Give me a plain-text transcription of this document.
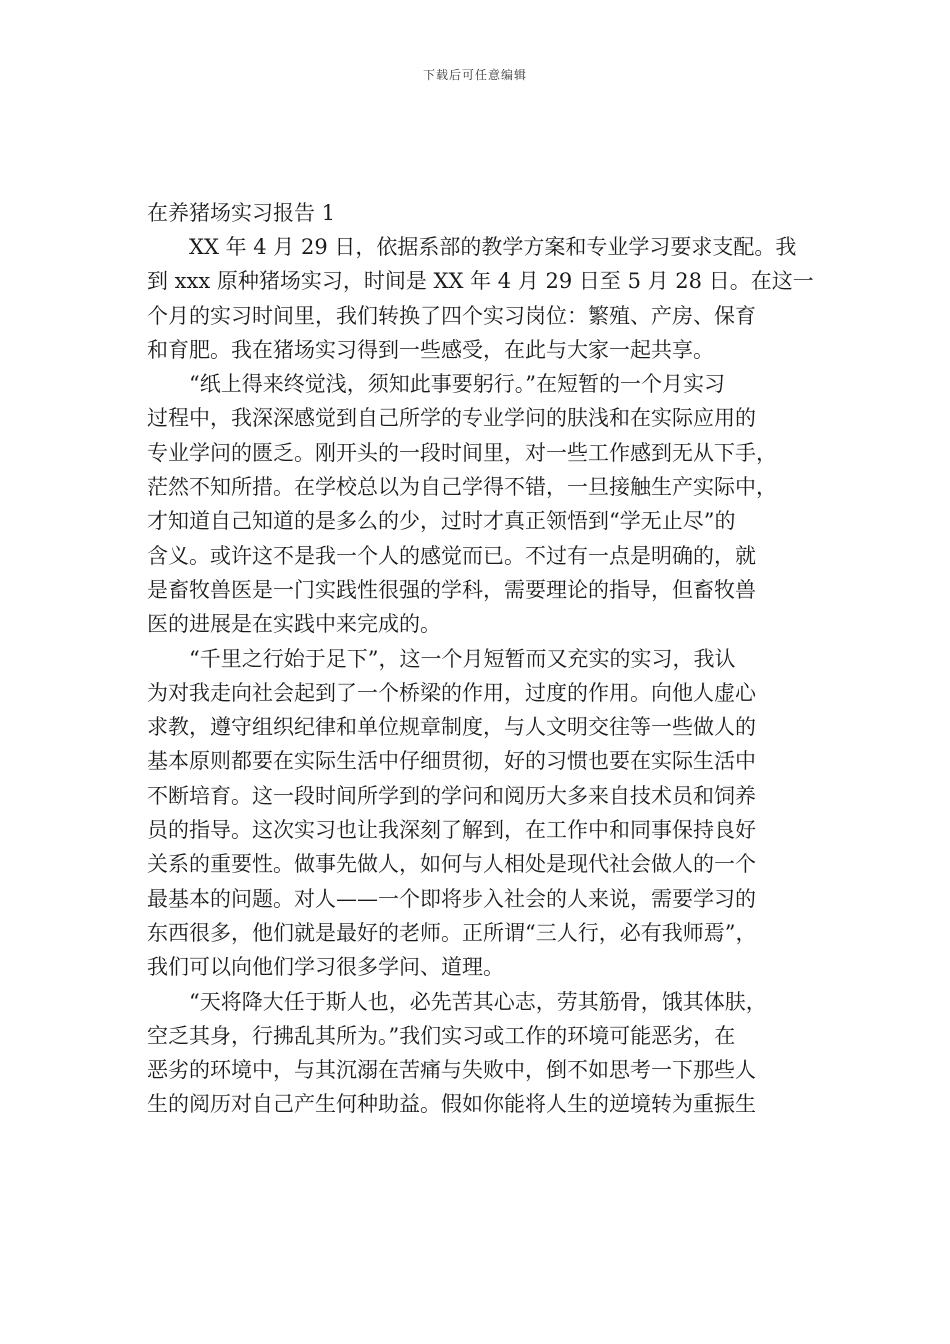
下载后可任意编辑
在养猪场实习报告 1
XX 年 4 月 29 日，依据系部的教学方案和专业学习要求支配。我
到 xxx 原种猪场实习，时间是 XX 年 4 月 29 日至 5 月 28 日。在这一
个月的实习时间里，我们转换了四个实习岗位：繁殖、产房、保育
和育肥。我在猪场实习得到一些感受，在此与大家一起共享。
“纸上得来终觉浅，须知此事要躬行。”在短暂的一个月实习
过程中，我深深感觉到自己所学的专业学问的肤浅和在实际应用的
专业学问的匮乏。刚开头的一段时间里，对一些工作感到无从下手，
茫然不知所措。在学校总以为自己学得不错，一旦接触生产实际中，
才知道自己知道的是多么的少，过时才真正领悟到“学无止尽”的
含义。或许这不是我一个人的感觉而已。不过有一点是明确的，就
是畜牧兽医是一门实践性很强的学科，需要理论的指导，但畜牧兽
医的进展是在实践中来完成的。
“千里之行始于足下”，这一个月短暂而又充实的实习，我认
为对我走向社会起到了一个桥梁的作用，过度的作用。向他人虚心
求教，遵守组织纪律和单位规章制度，与人文明交往等一些做人的
基本原则都要在实际生活中仔细贯彻，好的习惯也要在实际生活中
不断培育。这一段时间所学到的学问和阅历大多来自技术员和饲养
员的指导。这次实习也让我深刻了解到，在工作中和同事保持良好
关系的重要性。做事先做人，如何与人相处是现代社会做人的一个
最基本的问题。对人——一个即将步入社会的人来说，需要学习的
东西很多，他们就是最好的老师。正所谓“三人行，必有我师焉”，
我们可以向他们学习很多学问、道理。
“天将降大任于斯人也，必先苦其心志，劳其筋骨，饿其体肤，
空乏其身，行拂乱其所为。”我们实习或工作的环境可能恶劣，在
恶劣的环境中，与其沉溺在苦痛与失败中，倒不如思考一下那些人
生的阅历对自己产生何种助益。假如你能将人生的逆境转为重振生
